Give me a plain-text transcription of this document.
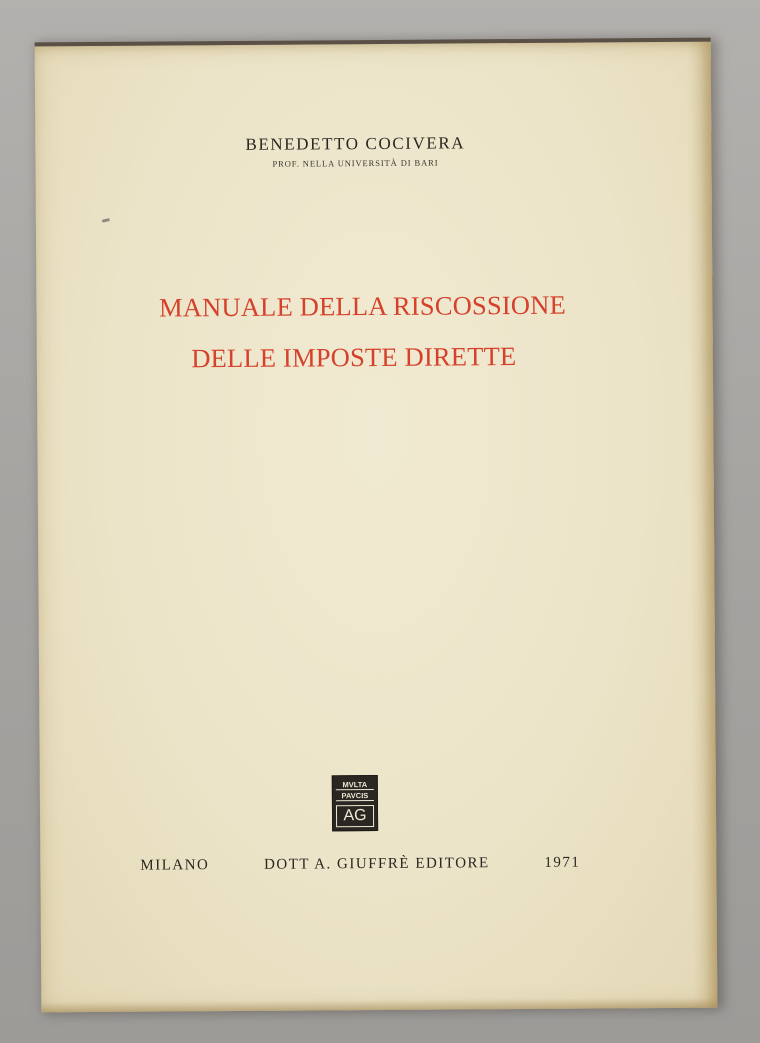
BENEDETTO COCIVERA
PROF. NELLA UNIVERSITÀ DI BARI
MANUALE DELLA RISCOSSIONE
DELLE IMPOSTE DIRETTE
MVLTA
PAVCIS
AG
MILANO	DOTT A. GIUFFRÈ EDITORE	1971
